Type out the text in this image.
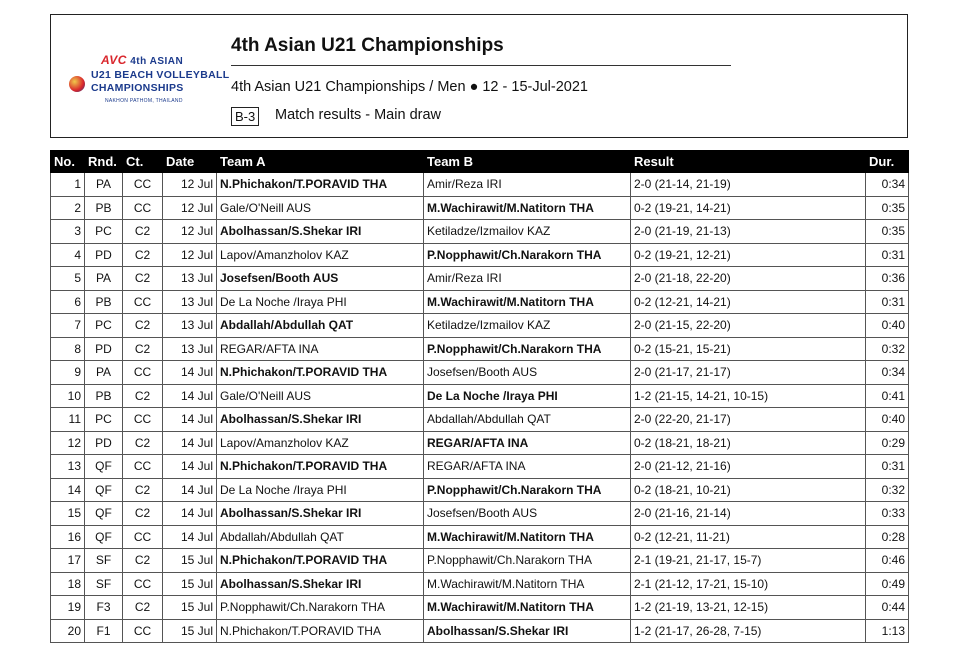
AVC 4th ASIAN
U21 BEACH VOLLEYBALL
CHAMPIONSHIPS
NAKHON PATHOM, THAILAND
4th Asian U21 Championships
4th Asian U21 Championships / Men ● 12 - 15-Jul-2021
B-3 Match results - Main draw
No.	Rnd.	Ct.	Date	Team A	Team B	Result	Dur.
1	PA	CC	12 Jul	N.Phichakon/T.PORAVID THA	Amir/Reza IRI	2-0 (21-14, 21-19)	0:34
2	PB	CC	12 Jul	Gale/O'Neill AUS	M.Wachirawit/M.Natitorn THA	0-2 (19-21, 14-21)	0:35
3	PC	C2	12 Jul	Abolhassan/S.Shekar IRI	Ketiladze/Izmailov KAZ	2-0 (21-19, 21-13)	0:35
4	PD	C2	12 Jul	Lapov/Amanzholov KAZ	P.Nopphawit/Ch.Narakorn THA	0-2 (19-21, 12-21)	0:31
5	PA	C2	13 Jul	Josefsen/Booth AUS	Amir/Reza IRI	2-0 (21-18, 22-20)	0:36
6	PB	CC	13 Jul	De La Noche /Iraya PHI	M.Wachirawit/M.Natitorn THA	0-2 (12-21, 14-21)	0:31
7	PC	C2	13 Jul	Abdallah/Abdullah QAT	Ketiladze/Izmailov KAZ	2-0 (21-15, 22-20)	0:40
8	PD	C2	13 Jul	REGAR/AFTA INA	P.Nopphawit/Ch.Narakorn THA	0-2 (15-21, 15-21)	0:32
9	PA	CC	14 Jul	N.Phichakon/T.PORAVID THA	Josefsen/Booth AUS	2-0 (21-17, 21-17)	0:34
10	PB	C2	14 Jul	Gale/O'Neill AUS	De La Noche /Iraya PHI	1-2 (21-15, 14-21, 10-15)	0:41
11	PC	CC	14 Jul	Abolhassan/S.Shekar IRI	Abdallah/Abdullah QAT	2-0 (22-20, 21-17)	0:40
12	PD	C2	14 Jul	Lapov/Amanzholov KAZ	REGAR/AFTA INA	0-2 (18-21, 18-21)	0:29
13	QF	CC	14 Jul	N.Phichakon/T.PORAVID THA	REGAR/AFTA INA	2-0 (21-12, 21-16)	0:31
14	QF	C2	14 Jul	De La Noche /Iraya PHI	P.Nopphawit/Ch.Narakorn THA	0-2 (18-21, 10-21)	0:32
15	QF	C2	14 Jul	Abolhassan/S.Shekar IRI	Josefsen/Booth AUS	2-0 (21-16, 21-14)	0:33
16	QF	CC	14 Jul	Abdallah/Abdullah QAT	M.Wachirawit/M.Natitorn THA	0-2 (12-21, 11-21)	0:28
17	SF	C2	15 Jul	N.Phichakon/T.PORAVID THA	P.Nopphawit/Ch.Narakorn THA	2-1 (19-21, 21-17, 15-7)	0:46
18	SF	CC	15 Jul	Abolhassan/S.Shekar IRI	M.Wachirawit/M.Natitorn THA	2-1 (21-12, 17-21, 15-10)	0:49
19	F3	C2	15 Jul	P.Nopphawit/Ch.Narakorn THA	M.Wachirawit/M.Natitorn THA	1-2 (21-19, 13-21, 12-15)	0:44
20	F1	CC	15 Jul	N.Phichakon/T.PORAVID THA	Abolhassan/S.Shekar IRI	1-2 (21-17, 26-28, 7-15)	1:13
